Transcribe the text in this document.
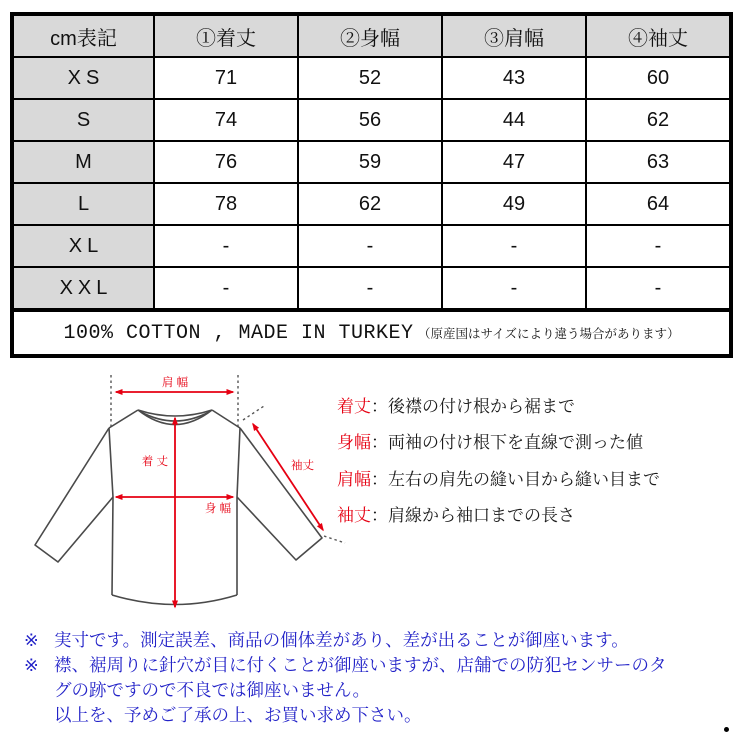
cm表記	①着丈	②身幅	③肩幅	④袖丈
XS	71	52	43	60
S	74	56	44	62
M	76	59	47	63
L	78	62	49	64
XL	-	-	-	-
XXL	-	-	-	-
100% COTTON , MADE IN TURKEY （原産国はサイズにより違う場合があります）				
肩 幅
着 丈
身 幅
袖丈
着丈：後襟の付け根から裾まで
身幅：両袖の付け根下を直線で測った値
肩幅：左右の肩先の縫い目から縫い目まで
袖丈：肩線から袖口までの長さ
※ 実寸です。測定誤差、商品の個体差があり、差が出ることが御座います。
※ 襟、裾周りに針穴が目に付くことが御座いますが、店舗での防犯センサーのタグの跡ですので不良では御座いません。
以上を、予めご了承の上、お買い求め下さい。
